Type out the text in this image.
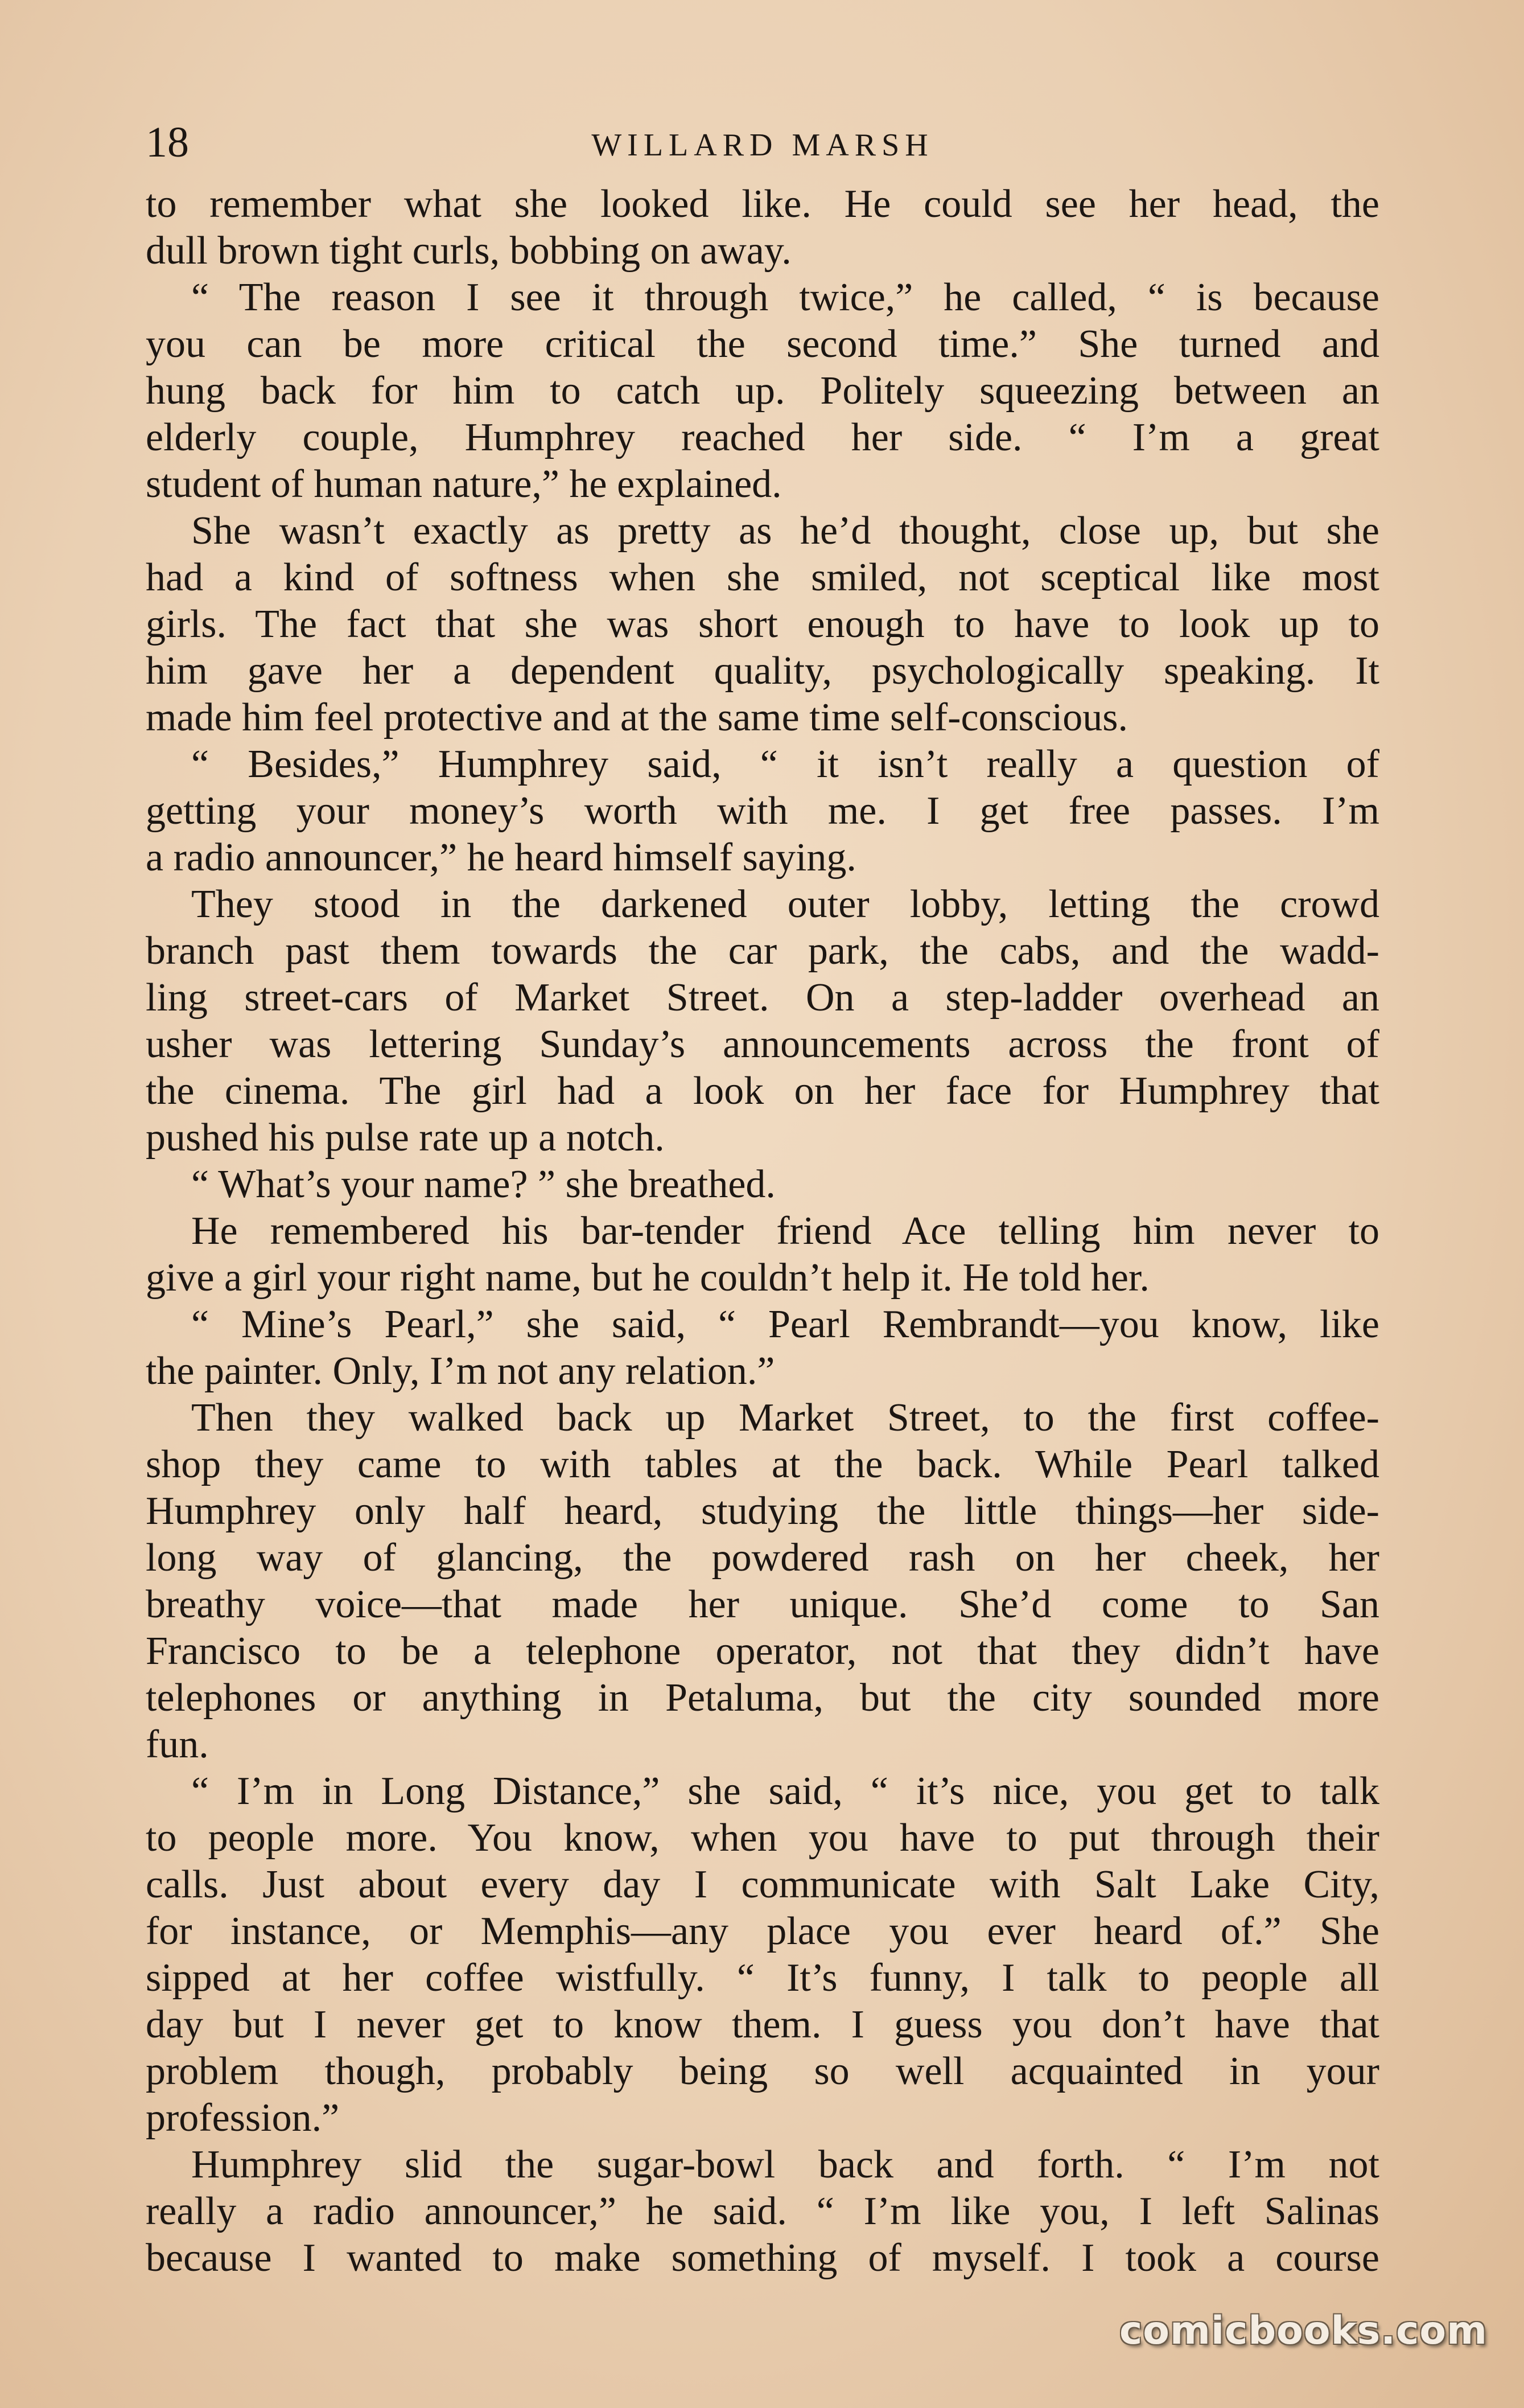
18	WILLARD MARSH
to remember what she looked like. He could see her head, the
dull brown tight curls, bobbing on away.
“ The reason I see it through twice,” he called, “ is because
you can be more critical the second time.” She turned and
hung back for him to catch up. Politely squeezing between an
elderly couple, Humphrey reached her side. “ I’m a great
student of human nature,” he explained.
She wasn’t exactly as pretty as he’d thought, close up, but she
had a kind of softness when she smiled, not sceptical like most
girls. The fact that she was short enough to have to look up to
him gave her a dependent quality, psychologically speaking. It
made him feel protective and at the same time self-conscious.
“ Besides,” Humphrey said, “ it isn’t really a question of
getting your money’s worth with me. I get free passes. I’m
a radio announcer,” he heard himself saying.
They stood in the darkened outer lobby, letting the crowd
branch past them towards the car park, the cabs, and the wadd-
ling street-cars of Market Street. On a step-ladder overhead an
usher was lettering Sunday’s announcements across the front of
the cinema. The girl had a look on her face for Humphrey that
pushed his pulse rate up a notch.
“ What’s your name? ” she breathed.
He remembered his bar-tender friend Ace telling him never to
give a girl your right name, but he couldn’t help it. He told her.
“ Mine’s Pearl,” she said, “ Pearl Rembrandt—you know, like
the painter. Only, I’m not any relation.”
Then they walked back up Market Street, to the first coffee-
shop they came to with tables at the back. While Pearl talked
Humphrey only half heard, studying the little things—her side-
long way of glancing, the powdered rash on her cheek, her
breathy voice—that made her unique. She’d come to San
Francisco to be a telephone operator, not that they didn’t have
telephones or anything in Petaluma, but the city sounded more
fun.
“ I’m in Long Distance,” she said, “ it’s nice, you get to talk
to people more. You know, when you have to put through their
calls. Just about every day I communicate with Salt Lake City,
for instance, or Memphis—any place you ever heard of.” She
sipped at her coffee wistfully. “ It’s funny, I talk to people all
day but I never get to know them. I guess you don’t have that
problem though, probably being so well acquainted in your
profession.”
Humphrey slid the sugar-bowl back and forth. “ I’m not
really a radio announcer,” he said. “ I’m like you, I left Salinas
because I wanted to make something of myself. I took a course
comicbooks.com
